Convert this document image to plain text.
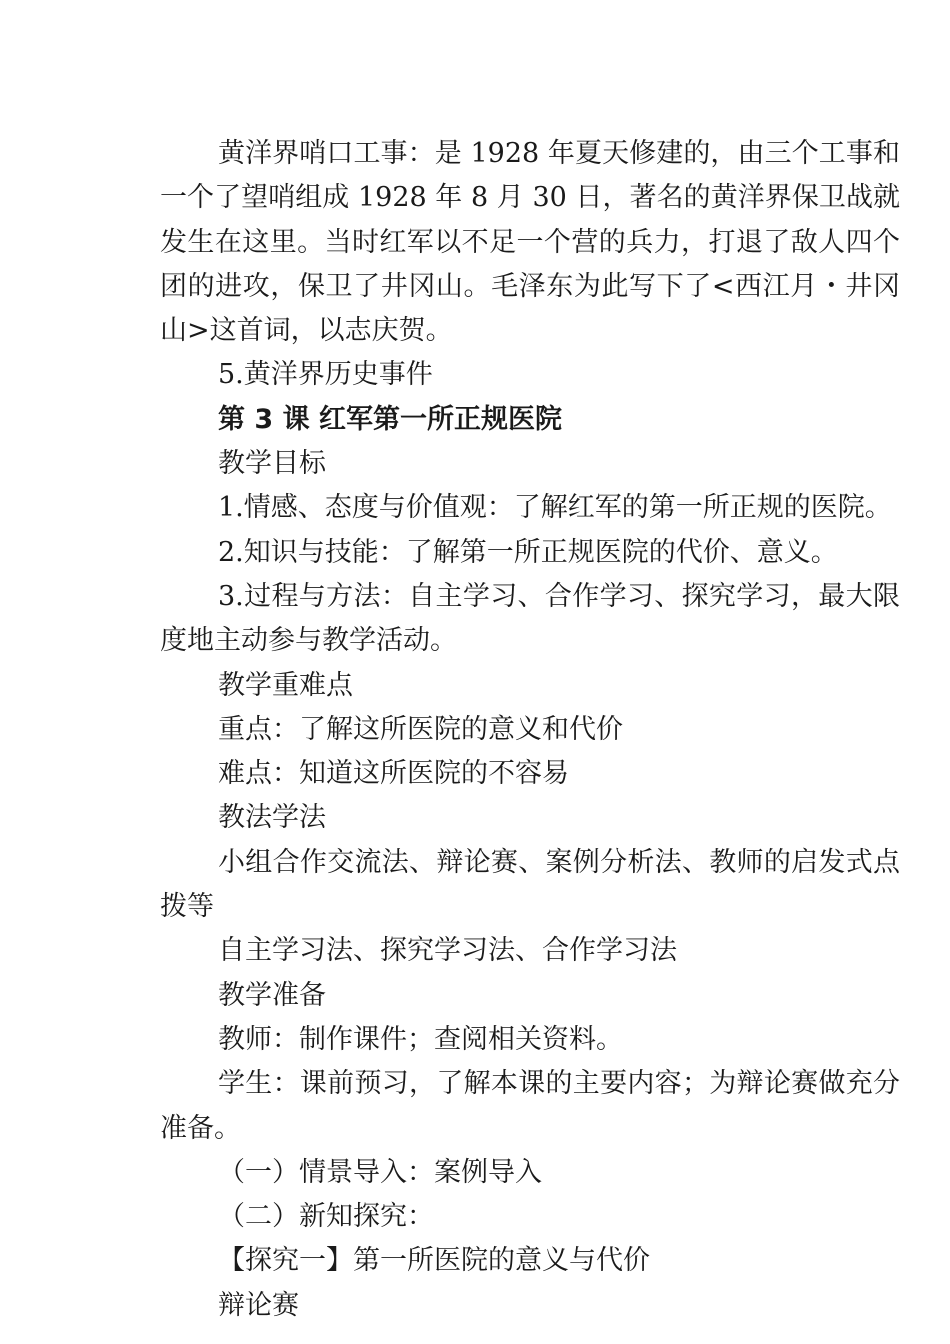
黄洋界哨口工事：是 1928 年夏天修建的，由三个工事和一个了望哨组成 1928 年 8 月 30 日，著名的黄洋界保卫战就发生在这里。当时红军以不足一个营的兵力，打退了敌人四个团的进攻，保卫了井冈山。毛泽东为此写下了<西江月・井冈山>这首词，以志庆贺。

5.黄洋界历史事件

第 3 课 红军第一所正规医院

教学目标

1.情感、态度与价值观：了解红军的第一所正规的医院。

2.知识与技能：了解第一所正规医院的代价、意义。

3.过程与方法：自主学习、合作学习、探究学习，最大限度地主动参与教学活动。

教学重难点

重点：了解这所医院的意义和代价

难点：知道这所医院的不容易

教法学法

小组合作交流法、辩论赛、案例分析法、教师的启发式点拨等

自主学习法、探究学习法、合作学习法

教学准备

教师：制作课件；查阅相关资料。

学生：课前预习，了解本课的主要内容；为辩论赛做充分准备。

（一）情景导入：案例导入

（二）新知探究：

【探究一】第一所医院的意义与代价

辩论赛
